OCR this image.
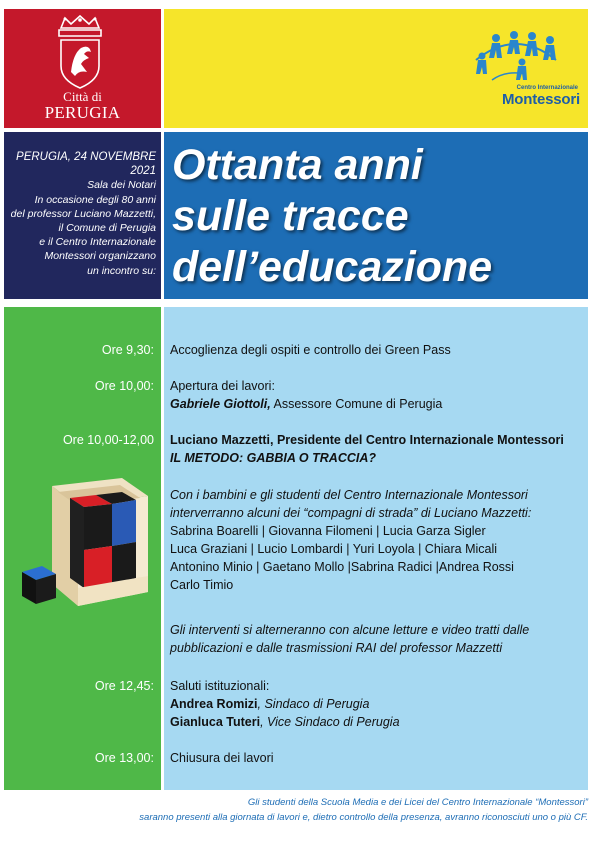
Città di
PERUGIA
Centro Internazionale
Montessori
PERUGIA, 24 NOVEMBRE 2021
Sala dei Notari
In occasione degli 80 anni
del professor Luciano Mazzetti,
il Comune di Perugia
e il Centro Internazionale
Montessori organizzano
un incontro su:
Ottanta anni
sulle tracce
dell’educazione
Ore 9,30:
Ore 10,00:
Ore 10,00-12,00
Ore 12,45:
Ore 13,00:
Accoglienza degli ospiti e controllo dei Green Pass
Apertura dei lavori:
Gabriele Giottoli, Assessore Comune di Perugia
Luciano Mazzetti, Presidente del Centro Internazionale Montessori
IL METODO: GABBIA O TRACCIA?
Con i bambini e gli studenti del Centro Internazionale Montessori
interverranno alcuni dei “compagni di strada” di Luciano Mazzetti:
Sabrina Boarelli | Giovanna Filomeni | Lucia Garza Sigler
Luca Graziani | Lucio Lombardi | Yuri Loyola | Chiara Micali
Antonino Minio | Gaetano Mollo |Sabrina Radici |Andrea Rossi
Carlo Timio
Gli interventi si alterneranno con alcune letture e video tratti dalle
pubblicazioni e dalle trasmissioni RAI del professor Mazzetti
Saluti istituzionali:
Andrea Romizi, Sindaco di Perugia
Gianluca Tuteri, Vice Sindaco di Perugia
Chiusura dei lavori
Gli studenti della Scuola Media e dei Licei del Centro Internazionale “Montessori”
saranno presenti alla giornata di lavori e, dietro controllo della presenza, avranno riconosciuti uno o più CF.
